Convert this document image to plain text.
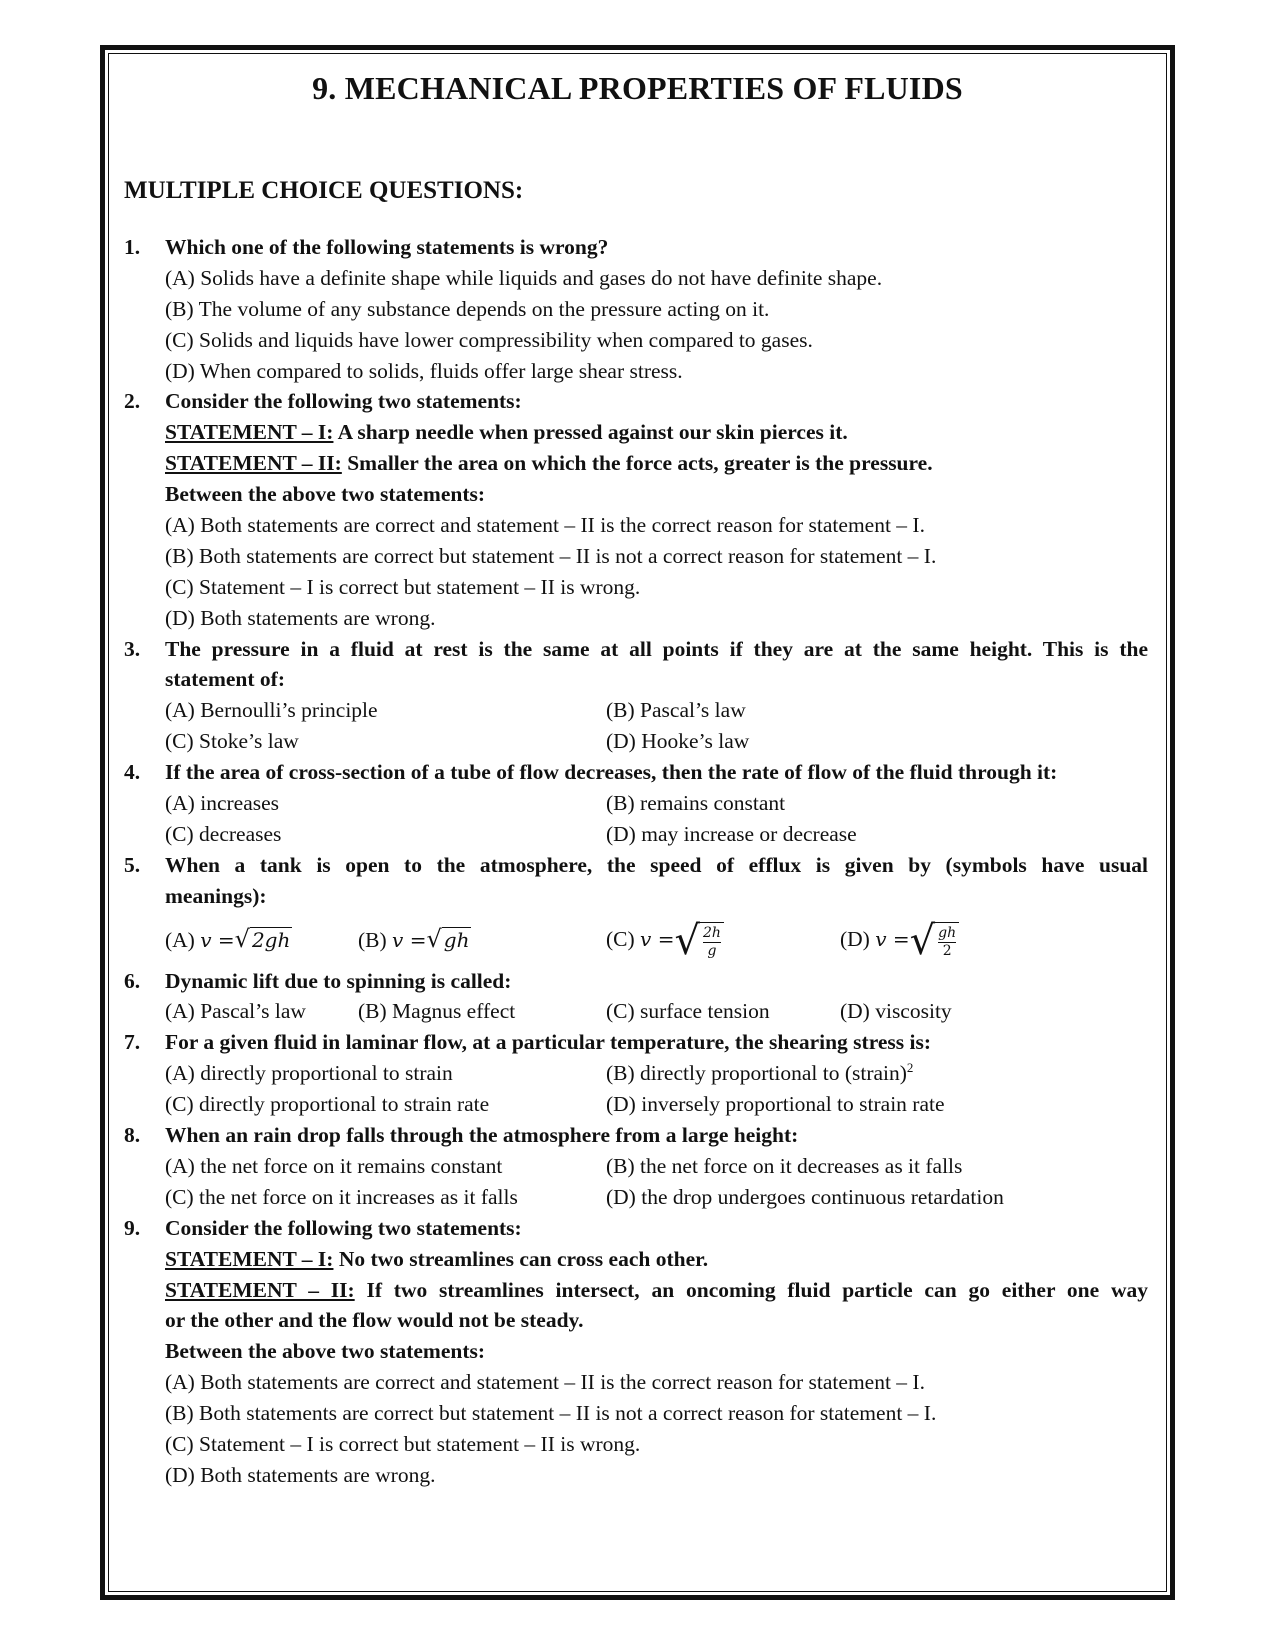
9. MECHANICAL PROPERTIES OF FLUIDS
MULTIPLE CHOICE QUESTIONS:
1. Which one of the following statements is wrong?
(A) Solids have a definite shape while liquids and gases do not have definite shape.
(B) The volume of any substance depends on the pressure acting on it.
(C) Solids and liquids have lower compressibility when compared to gases.
(D) When compared to solids, fluids offer large shear stress.
2. Consider the following two statements:
STATEMENT – I: A sharp needle when pressed against our skin pierces it.
STATEMENT – II: Smaller the area on which the force acts, greater is the pressure.
Between the above two statements:
(A) Both statements are correct and statement – II is the correct reason for statement – I.
(B) Both statements are correct but statement – II is not a correct reason for statement – I.
(C) Statement – I is correct but statement – II is wrong.
(D) Both statements are wrong.
3. The pressure in a fluid at rest is the same at all points if they are at the same height. This is the
statement of:
(A) Bernoulli’s principle	(B) Pascal’s law
(C) Stoke’s law	(D) Hooke’s law
4. If the area of cross-section of a tube of flow decreases, then the rate of flow of the fluid through it:
(A) increases	(B) remains constant
(C) decreases	(D) may increase or decrease
5. When a tank is open to the atmosphere, the speed of efflux is given by (symbols have usual
meanings):
(A) v =√ 2gh	(B) v =√ gh	(C) v =√ $\frac{2h}{g}$	(D) v =√ $\frac{gh}{2}$
6. Dynamic lift due to spinning is called:
(A) Pascal’s law (B) Magnus effect	(C) surface tension	(D) viscosity
7. For a given fluid in laminar flow, at a particular temperature, the shearing stress is:
(A) directly proportional to strain	(B) directly proportional to (strain)$^2$
(C) directly proportional to strain rate	(D) inversely proportional to strain rate
8. When an rain drop falls through the atmosphere from a large height:
(A) the net force on it remains constant	(B) the net force on it decreases as it falls
(C) the net force on it increases as it falls	(D) the drop undergoes continuous retardation
9. Consider the following two statements:
STATEMENT – I: No two streamlines can cross each other.
STATEMENT – II: If two streamlines intersect, an oncoming fluid particle can go either one way
or the other and the flow would not be steady.
Between the above two statements:
(A) Both statements are correct and statement – II is the correct reason for statement – I.
(B) Both statements are correct but statement – II is not a correct reason for statement – I.
(C) Statement – I is correct but statement – II is wrong.
(D) Both statements are wrong.
